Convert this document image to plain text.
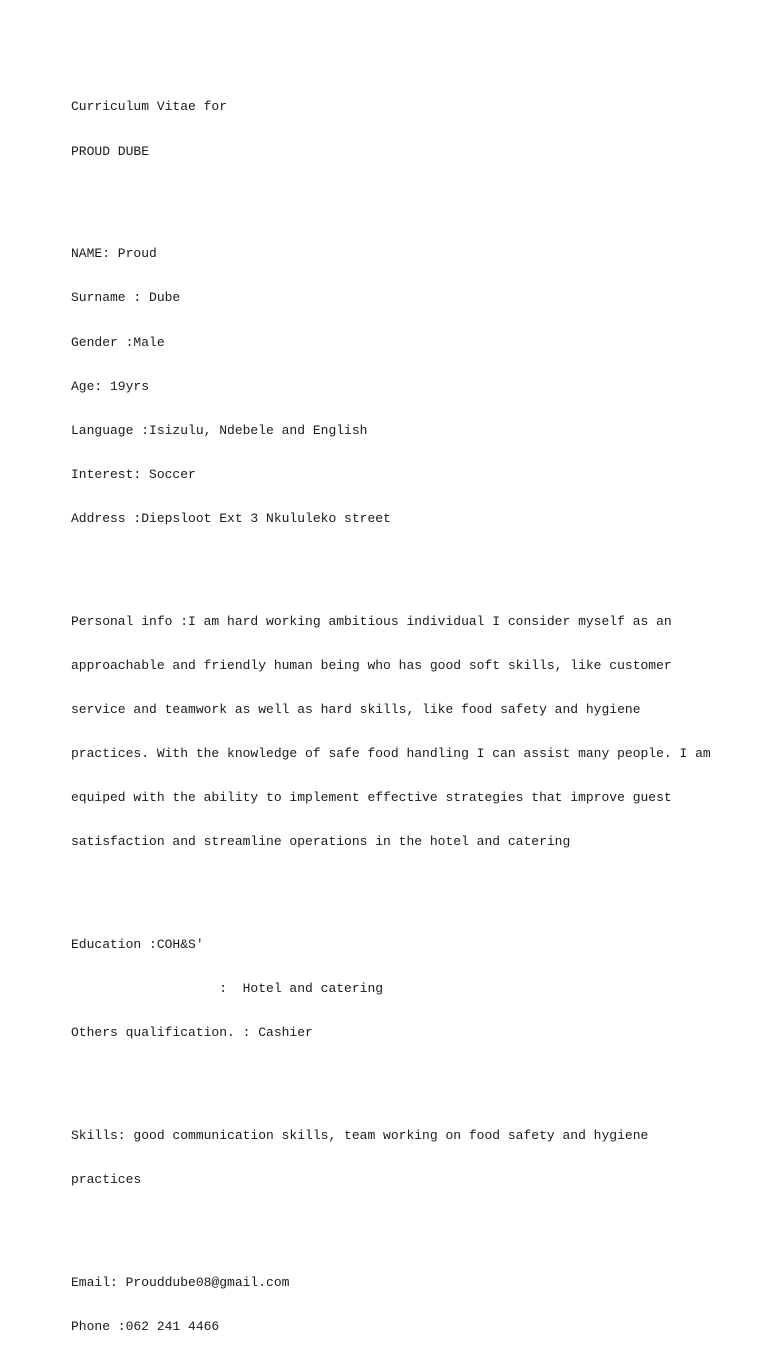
Curriculum Vitae for

PROUD DUBE

NAME: Proud

Surname : Dube

Gender :Male

Age: 19yrs

Language :Isizulu, Ndebele and English

Interest: Soccer

Address :Diepsloot Ext 3 Nkululeko street

Personal info :I am hard working ambitious individual I consider myself as an

approachable and friendly human being who has good soft skills, like customer

service and teamwork as well as hard skills, like food safety and hygiene

practices. With the knowledge of safe food handling I can assist many people. I am

equiped with the ability to implement effective strategies that improve guest

satisfaction and streamline operations in the hotel and catering

Education :COH&S'

:  Hotel and catering

Others qualification. : Cashier

Skills: good communication skills, team working on food safety and hygiene

practices

Email: Prouddube08@gmail.com

Phone :062 241 4466
